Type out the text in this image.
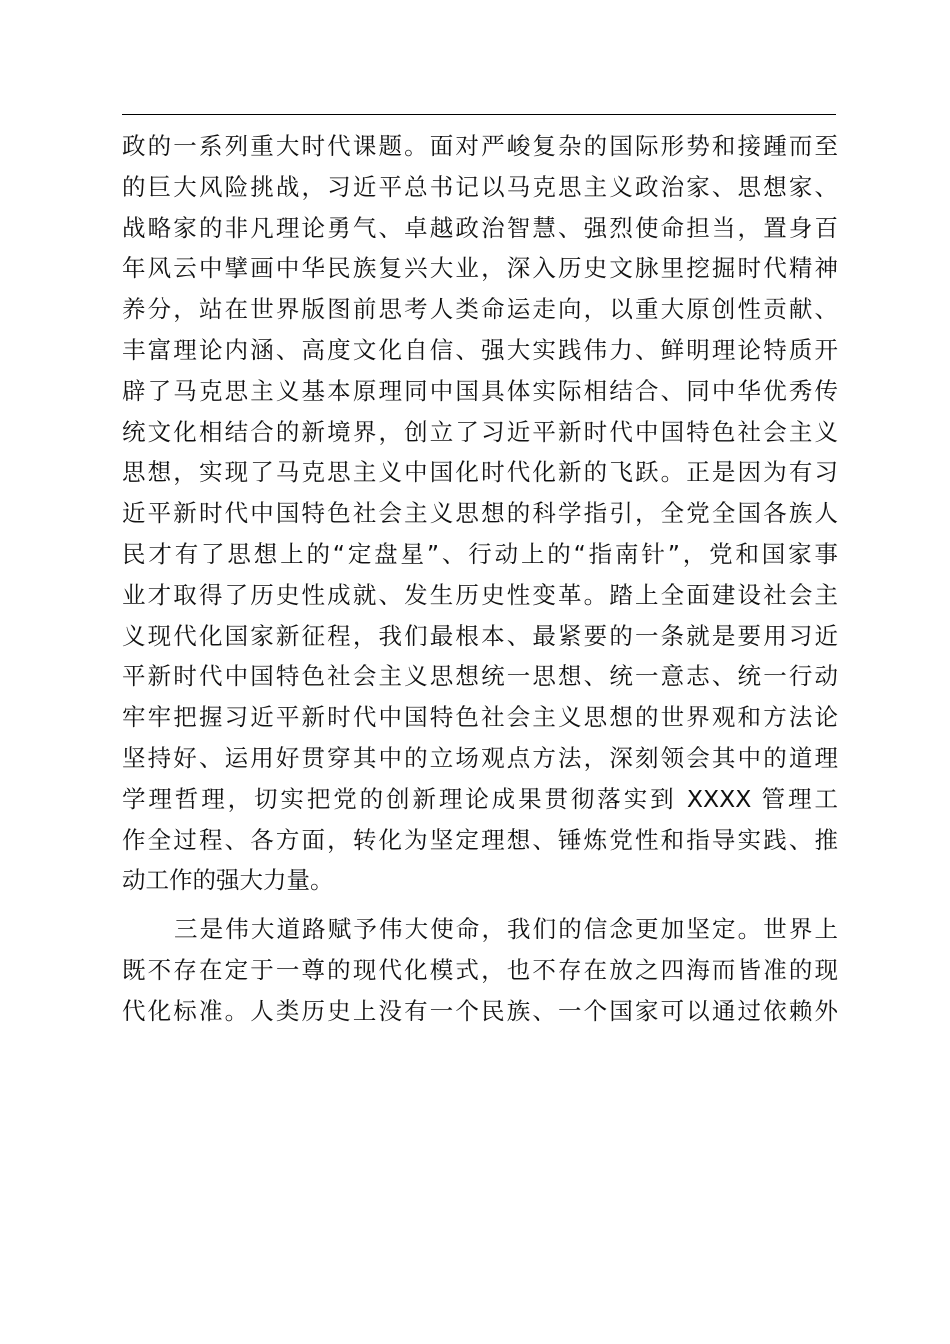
政的一系列重大时代课题。面对严峻复杂的国际形势和接踵而至
的巨大风险挑战，习近平总书记以马克思主义政治家、思想家、
战略家的非凡理论勇气、卓越政治智慧、强烈使命担当，置身百
年风云中擘画中华民族复兴大业，深入历史文脉里挖掘时代精神
养分，站在世界版图前思考人类命运走向，以重大原创性贡献、
丰富理论内涵、高度文化自信、强大实践伟力、鲜明理论特质开
辟了马克思主义基本原理同中国具体实际相结合、同中华优秀传
统文化相结合的新境界，创立了习近平新时代中国特色社会主义
思想，实现了马克思主义中国化时代化新的飞跃。正是因为有习
近平新时代中国特色社会主义思想的科学指引，全党全国各族人
民才有了思想上的“定盘星”、行动上的“指南针”，党和国家事
业才取得了历史性成就、发生历史性变革。踏上全面建设社会主
义现代化国家新征程，我们最根本、最紧要的一条就是要用习近
平新时代中国特色社会主义思想统一思想、统一意志、统一行动
牢牢把握习近平新时代中国特色社会主义思想的世界观和方法论
坚持好、运用好贯穿其中的立场观点方法，深刻领会其中的道理
学理哲理，切实把党的创新理论成果贯彻落实到 XXXX 管理工
作全过程、各方面，转化为坚定理想、锤炼党性和指导实践、推
动工作的强大力量。
三是伟大道路赋予伟大使命，我们的信念更加坚定。世界上
既不存在定于一尊的现代化模式，也不存在放之四海而皆准的现
代化标准。人类历史上没有一个民族、一个国家可以通过依赖外
